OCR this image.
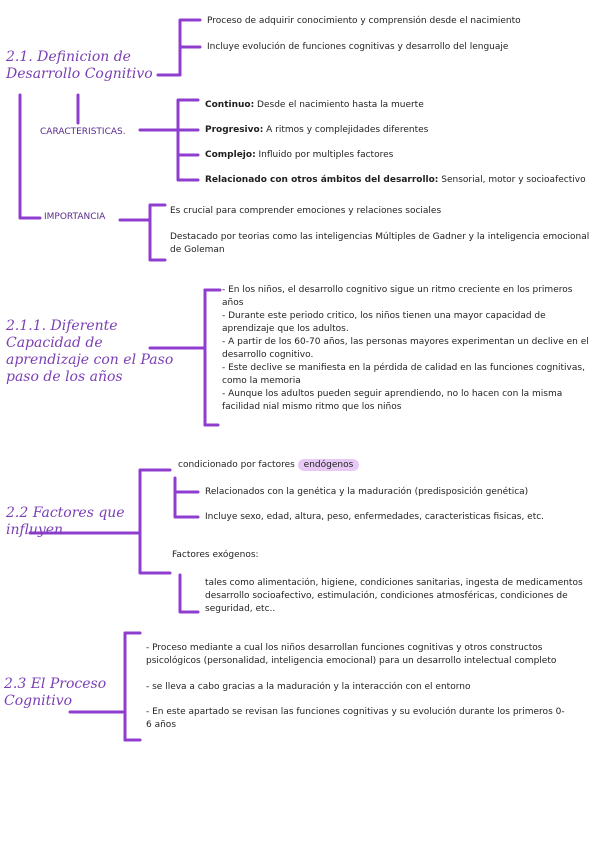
2.1. Definicion de Desarrollo Cognitivo
Proceso de adquirir conocimiento y comprensión desde el nacimiento
Incluye evolución de funciones cognitivas y desarrollo del lenguaje
CARACTERISTICAS.
Continuo: Desde el nacimiento hasta la muerte
Progresivo: A ritmos y complejidades diferentes
Complejo: Influido por multiples factores
Relacionado con otros ámbitos del desarrollo: Sensorial, motor y socioafectivo
IMPORTANCIA
Es crucial para comprender emociones y relaciones sociales
Destacado por teorias como las inteligencias Múltiples de Gadner y la inteligencia emocional de Goleman
2.1.1. Diferente Capacidad de aprendizaje con el Paso paso de los años
- En los niños, el desarrollo cognitivo sigue un ritmo creciente en los primeros años
- Durante este periodo critico, los niños tienen una mayor capacidad de aprendizaje que los adultos.
- A partir de los 60-70 años, las personas mayores experimentan un declive en el desarrollo cognitivo.
- Este declive se manifiesta en la pérdida de calidad en las funciones cognitivas, como la memoria
- Aunque los adultos pueden seguir aprendiendo, no lo hacen con la misma facilidad nial mismo ritmo que los niños
2.2 Factores que influyen
condicionado por factores endógenos
Relacionados con la genética y la maduración (predisposición genética)
Incluye sexo, edad, altura, peso, enfermedades, caracteristicas fisicas, etc.
Factores exógenos:
tales como alimentación, higiene, condiciones sanitarias, ingesta de medicamentos desarrollo socioafectivo, estimulación, condiciones atmosféricas, condiciones de seguridad, etc..
2.3 El Proceso Cognitivo
- Proceso mediante a cual los niños desarrollan funciones cognitivas y otros constructos psicológicos (personalidad, inteligencia emocional) para un desarrollo intelectual completo
- se lleva a cabo gracias a la maduración y la interacción con el entorno
- En este apartado se revisan las funciones cognitivas y su evolución durante los primeros 0-6 años
